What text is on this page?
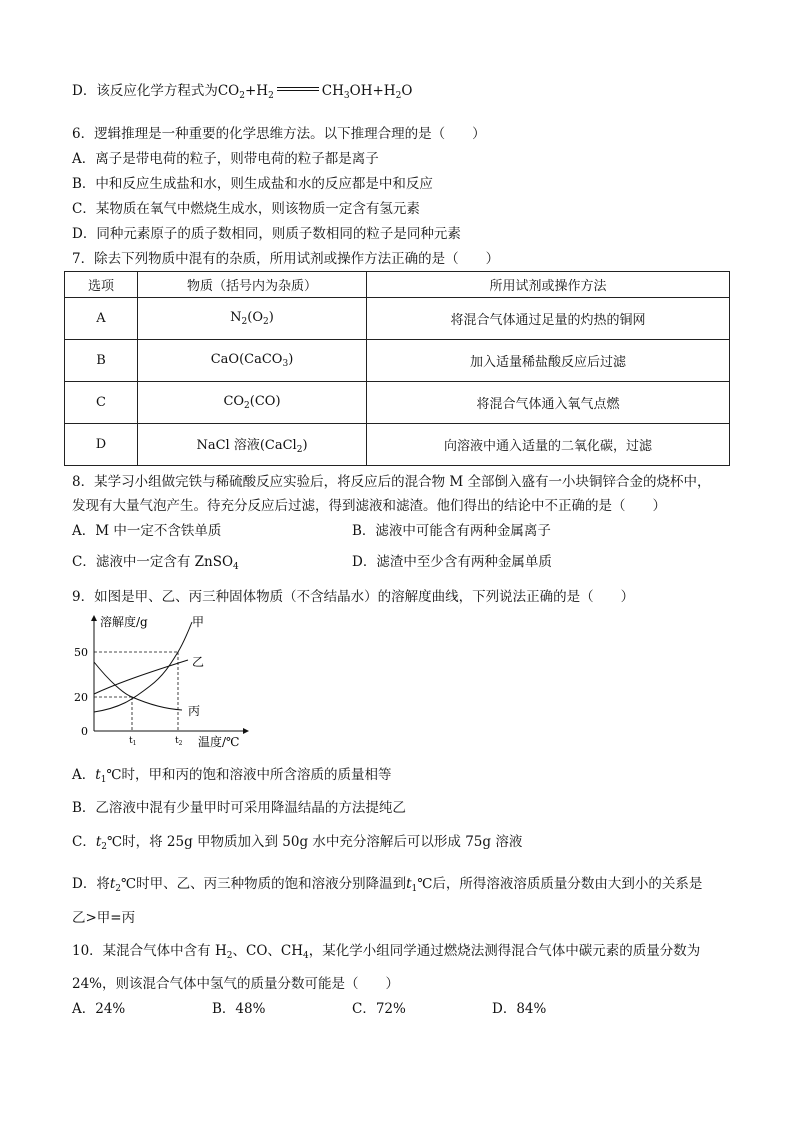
D．该反应化学方程式为$CO_2+H_2$	$CH_3OH+H_2O$
6．逻辑推理是一种重要的化学思维方法。以下推理合理的是（　　）
A．离子是带电荷的粒子，则带电荷的粒子都是离子
B．中和反应生成盐和水，则生成盐和水的反应都是中和反应
C．某物质在氧气中燃烧生成水，则该物质一定含有氢元素
D．同种元素原子的质子数相同，则质子数相同的粒子是同种元素
7．除去下列物质中混有的杂质，所用试剂或操作方法正确的是（　　）
选项	物质（括号内为杂质）	所用试剂或操作方法
A	$N_2(O_2)$	将混合气体通过足量的灼热的铜网
B	CaO(CaCO$_3$)	加入适量稀盐酸反应后过滤
C	$CO_2(CO)$	将混合气体通入氧气点燃
D	NaCl 溶液(CaCl$_2$)	向溶液中通入适量的二氧化碳，过滤
8．某学习小组做完铁与稀硫酸反应实验后，将反应后的混合物 M 全部倒入盛有一小块铜锌合金的烧杯中，
发现有大量气泡产生。待充分反应后过滤，得到滤液和滤渣。他们得出的结论中不正确的是（　　）
A．M 中一定不含铁单质	B．滤液中可能含有两种金属离子
C．滤液中一定含有 ZnSO$_4$	D．滤渣中至少含有两种金属单质
9．如图是甲、乙、丙三种固体物质（不含结晶水）的溶解度曲线，下列说法正确的是（　　）
溶解度/g
50
20
0
$t_1$	$t_2$ 温度/℃
甲
乙
丙
A．$t_1℃$时，甲和丙的饱和溶液中所含溶质的质量相等
B．乙溶液中混有少量甲时可采用降温结晶的方法提纯乙
C．$t_2℃$时，将 25g 甲物质加入到 50g 水中充分溶解后可以形成 75g 溶液
D．将$t_2℃$时甲、乙、丙三种物质的饱和溶液分别降温到$t_1℃$后，所得溶液溶质质量分数由大到小的关系是
乙>甲=丙
10．某混合气体中含有 $H_2$、CO、$CH_4$，某化学小组同学通过燃烧法测得混合气体中碳元素的质量分数为
24%，则该混合气体中氢气的质量分数可能是（　　）
A．24%	B．48%	C．72%	D．84%
